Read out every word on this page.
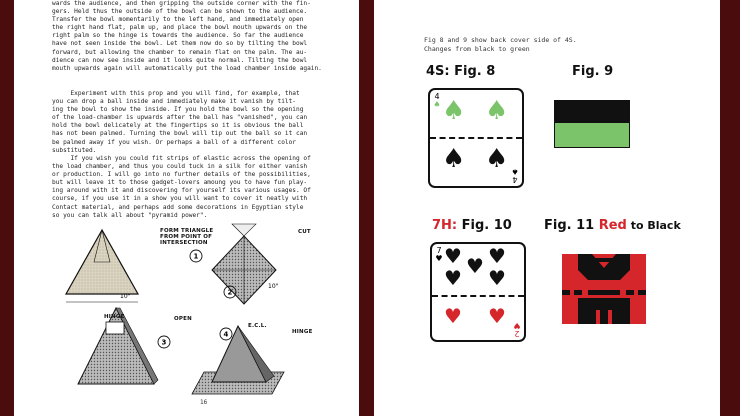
wards the audience, and then gripping the outside corner with the fin-
gers. Held thus the outside of the bowl can be shown to the audience.
Transfer the bowl momentarily to the left hand, and immediately open
the right hand flat, palm up, and place the bowl mouth upwards on the
right palm so the hinge is towards the audience. So far the audience
have not seen inside the bowl. Let them now do so by tilting the bowl
forward, but allowing the chamber to remain flat on the palm. The au-
dience can now see inside and it looks quite normal. Tilting the bowl
mouth upwards again will automatically put the load chamber inside again.
Experiment with this prop and you will find, for example, that
you can drop a ball inside and immediately make it vanish by tilt-
ing the bowl to show the inside. If you hold the bowl so the opening
of the load-chamber is upwards after the ball has "vanished", you can
hold the bowl delicately at the fingertips so it is obvious the ball
has not been palmed. Turning the bowl will tip out the ball so it can
be palmed away if you wish. Or perhaps a ball of a different color
substituted.
If you wish you could fit strips of elastic across the opening of
the load chamber, and thus you could tuck in a silk for either vanish
or production. I will go into no further details of the possibilities,
but will leave it to those gadget-lovers amoung you to have fun play-
ing around with it and discovering for yourself its various usages. Of
course, if you use it in a show you will want to cover it neatly with
Contact material, and perhaps add some decorations in Egyptian style
so you can talk all about "pyramid power".
10"
10"
1
2
3
4
FORM TRIANGLE
FROM POINT OF
INTERSECTION
CUT
HINGE	OPEN
E.C.L.
HINGE
16
Fig 8 and 9 show back cover side of 4S.
Changes from black to green
4S: Fig. 8
4
♠ ♠ ♠
♠ ♠
4
♠
Fig. 9
7H: Fig. 10
7
♥ ♥ ♥
♥
♥ ♥
♥ ♥
2
♥
Fig. 11 Red to Black
